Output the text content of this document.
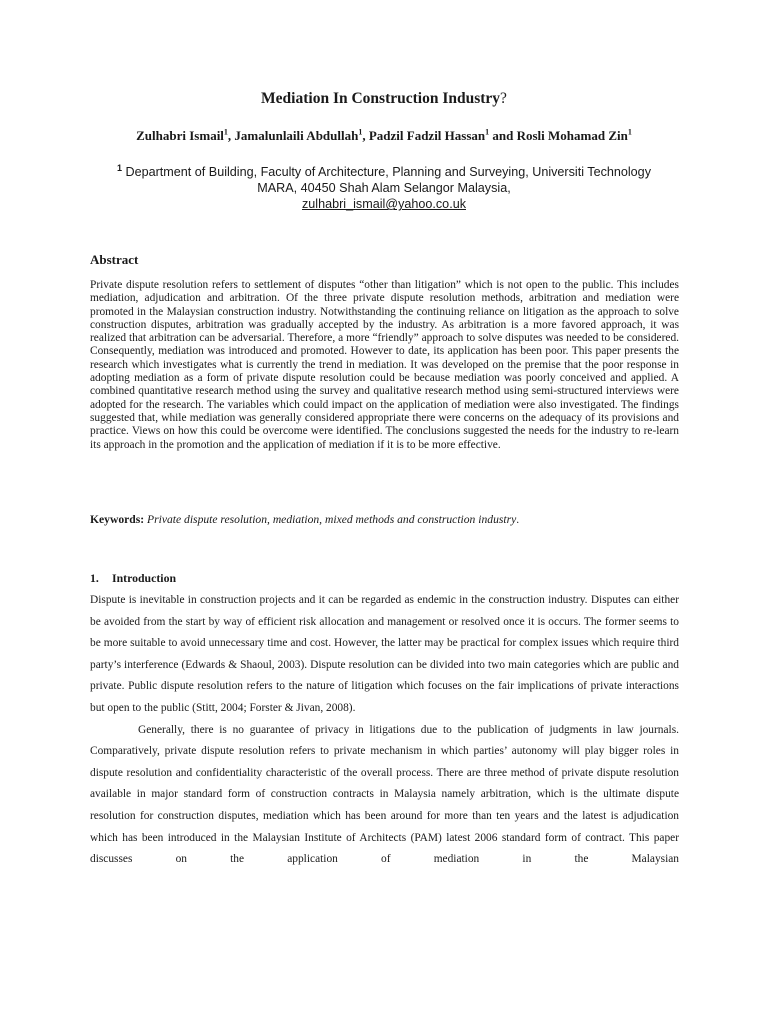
Mediation In Construction Industry?
Zulhabri Ismail$^1$, Jamalunlaili Abdullah$^1$, Padzil Fadzil Hassan$^1$ and Rosli Mohamad Zin$^1$
$^1$ Department of Building, Faculty of Architecture, Planning and Surveying, Universiti Technology
MARA, 40450 Shah Alam Selangor Malaysia,
zulhabri_ismail@yahoo.co.uk
Abstract

Private dispute resolution refers to settlement of disputes “other than litigation” which is not open to the public. This includes mediation, adjudication and arbitration. Of the three private dispute resolution methods, arbitration and mediation were promoted in the Malaysian construction industry. Notwithstanding the continuing reliance on litigation as the approach to solve construction disputes, arbitration was gradually accepted by the industry. As arbitration is a more favored approach, it was realized that arbitration can be adversarial. Therefore, a more “friendly” approach to solve disputes was needed to be considered. Consequently, mediation was introduced and promoted. However to date, its application has been poor. This paper presents the research which investigates what is currently the trend in mediation. It was developed on the premise that the poor response in adopting mediation as a form of private dispute resolution could be because mediation was poorly conceived and applied. A combined quantitative research method using the survey and qualitative research method using semi-structured interviews were adopted for the research. The variables which could impact on the application of mediation were also investigated. The findings suggested that, while mediation was generally considered appropriate there were concerns on the adequacy of its provisions and practice. Views on how this could be overcome were identified. The conclusions suggested the needs for the industry to re-learn its approach in the promotion and the application of mediation if it is to be more effective.

Keywords: Private dispute resolution, mediation, mixed methods and construction industry.
1. Introduction

Dispute is inevitable in construction projects and it can be regarded as endemic in the construction industry. Disputes can either be avoided from the start by way of efficient risk allocation and management or resolved once it is occurs. The former seems to be more suitable to avoid unnecessary time and cost. However, the latter may be practical for complex issues which require third party’s interference (Edwards & Shaoul, 2003). Dispute resolution can be divided into two main categories which are public and private. Public dispute resolution refers to the nature of litigation which focuses on the fair implications of private interactions but open to the public (Stitt, 2004; Forster & Jivan, 2008).

Generally, there is no guarantee of privacy in litigations due to the publication of judgments in law journals. Comparatively, private dispute resolution refers to private mechanism in which parties’ autonomy will play bigger roles in dispute resolution and confidentiality characteristic of the overall process. There are three method of private dispute resolution available in major standard form of construction contracts in Malaysia namely arbitration, which is the ultimate dispute resolution for construction disputes, mediation which has been around for more than ten years and the latest is adjudication which has been introduced in the Malaysian Institute of Architects (PAM) latest 2006 standard form of contract. This paper discusses on the application of mediation in the Malaysian
